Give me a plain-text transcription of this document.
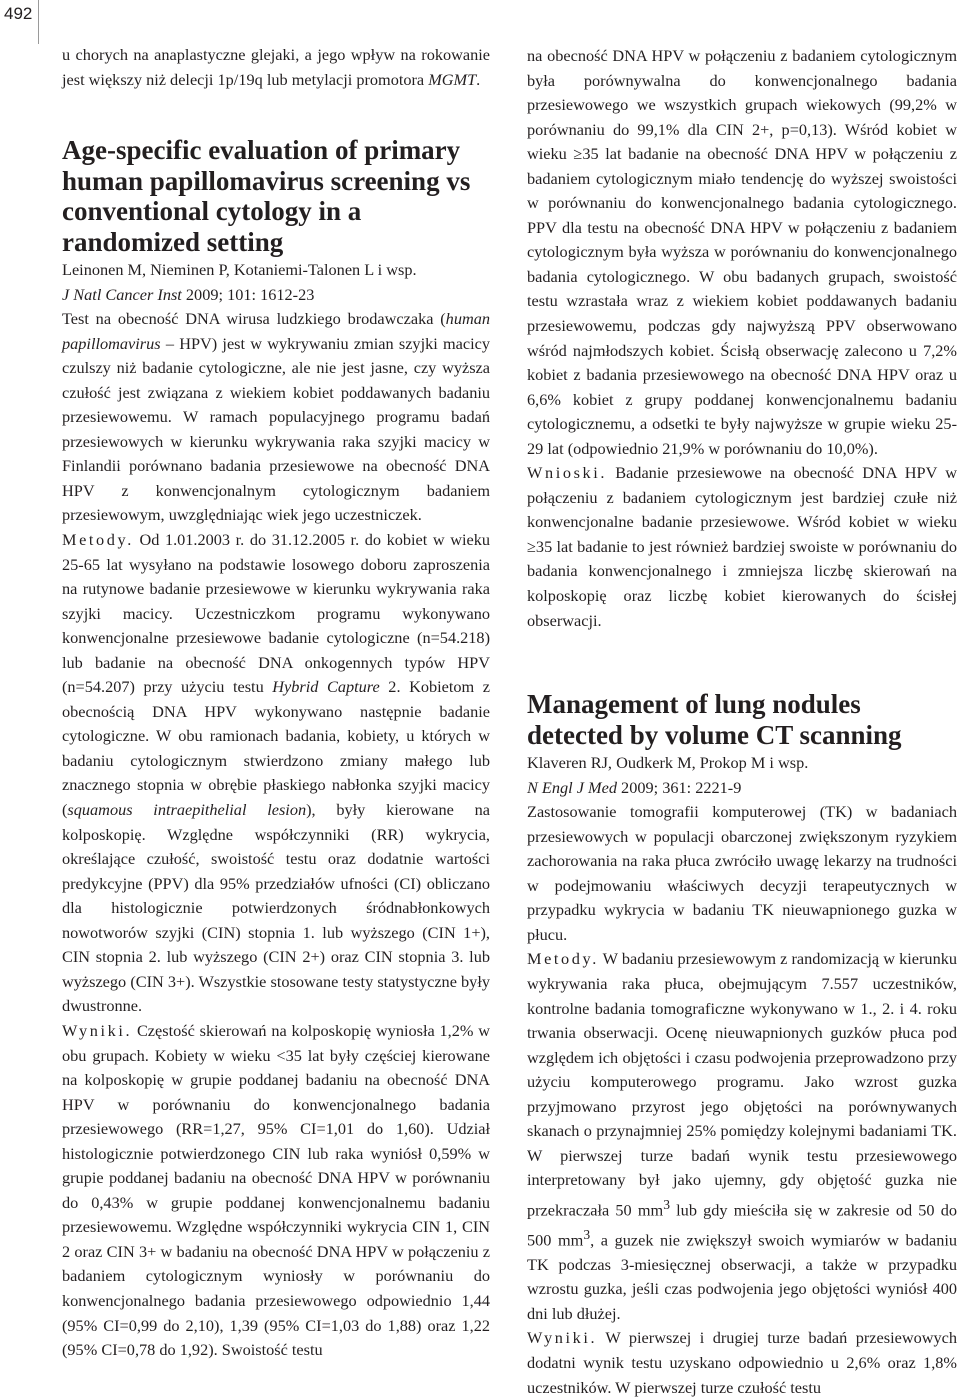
492

u chorych na anaplastyczne glejaki, a jego wpływ na rokowanie jest większy niż delecji 1p/19q lub metylacji promotora MGMT.

Age-specific evaluation of primary human papillomavirus screening vs conventional cytology in a randomized setting

Leinonen M, Nieminen P, Kotaniemi-Talonen L i wsp.

J Natl Cancer Inst 2009; 101: 1612-23

Test na obecność DNA wirusa ludzkiego brodawczaka (human papillomavirus – HPV) jest w wykrywaniu zmian szyjki macicy czulszy niż badanie cytologiczne, ale nie jest jasne, czy wyższa czułość jest związana z wiekiem kobiet poddawanych badaniu przesiewowemu. W ramach populacyjnego programu badań przesiewowych w kierunku wykrywania raka szyjki macicy w Finlandii porównano badania przesiewowe na obecność DNA HPV z konwencjonalnym cytologicznym badaniem przesiewowym, uwzględniając wiek jego uczestniczek.
Metody. Od 1.01.2003 r. do 31.12.2005 r. do kobiet w wieku 25-65 lat wysyłano na podstawie losowego doboru zaproszenia na rutynowe badanie przesiewowe w kierunku wykrywania raka szyjki macicy. Uczestniczkom programu wykonywano konwencjonalne przesiewowe badanie cytologiczne (n=54.218) lub badanie na obecność DNA onkogennych typów HPV (n=54.207) przy użyciu testu Hybrid Capture 2. Kobietom z obecnością DNA HPV wykonywano następnie badanie cytologiczne. W obu ramionach badania, kobiety, u których w badaniu cytologicznym stwierdzono zmiany małego lub znacznego stopnia w obrębie płaskiego nabłonka szyjki macicy (squamous intraepithelial lesion), były kierowane na kolposkopię. Względne współczynniki (RR) wykrycia, określające czułość, swoistość testu oraz dodatnie wartości predykcyjne (PPV) dla 95% przedziałów ufności (CI) obliczano dla histologicznie potwierdzonych śródnabłonkowych nowotworów szyjki (CIN) stopnia 1. lub wyższego (CIN 1+), CIN stopnia 2. lub wyższego (CIN 2+) oraz CIN stopnia 3. lub wyższego (CIN 3+). Wszystkie stosowane testy statystyczne były dwustronne.
Wyniki. Częstość skierowań na kolposkopię wyniosła 1,2% w obu grupach. Kobiety w wieku <35 lat były częściej kierowane na kolposkopię w grupie poddanej badaniu na obecność DNA HPV w porównaniu do konwencjonalnego badania przesiewowego (RR=1,27, 95% CI=1,01 do 1,60). Udział histologicznie potwierdzonego CIN lub raka wyniósł 0,59% w grupie poddanej badaniu na obecność DNA HPV w porównaniu do 0,43% w grupie poddanej konwencjonalnemu badaniu przesiewowemu. Względne współczynniki wykrycia CIN 1, CIN 2 oraz CIN 3+ w badaniu na obecność DNA HPV w połączeniu z badaniem cytologicznym wyniosły w porównaniu do konwencjonalnego badania przesiewowego odpowiednio 1,44 (95% CI=0,99 do 2,10), 1,39 (95% CI=1,03 do 1,88) oraz 1,22 (95% CI=0,78 do 1,92). Swoistość testu

na obecność DNA HPV w połączeniu z badaniem cytologicznym była porównywalna do konwencjonalnego badania przesiewowego we wszystkich grupach wiekowych (99,2% w porównaniu do 99,1% dla CIN 2+, p=0,13). Wśród kobiet w wieku ≥35 lat badanie na obecność DNA HPV w połączeniu z badaniem cytologicznym miało tendencję do wyższej swoistości w porównaniu do konwencjonalnego badania cytologicznego. PPV dla testu na obecność DNA HPV w połączeniu z badaniem cytologicznym była wyższa w porównaniu do konwencjonalnego badania cytologicznego. W obu badanych grupach, swoistość testu wzrastała wraz z wiekiem kobiet poddawanych badaniu przesiewowemu, podczas gdy najwyższą PPV obserwowano wśród najmłodszych kobiet. Ścisłą obserwację zalecono u 7,2% kobiet z badania przesiewowego na obecność DNA HPV oraz u 6,6% kobiet z grupy poddanej konwencjonalnemu badaniu cytologicznemu, a odsetki te były najwyższe w grupie wieku 25-29 lat (odpowiednio 21,9% w porównaniu do 10,0%).
Wnioski. Badanie przesiewowe na obecność DNA HPV w połączeniu z badaniem cytologicznym jest bardziej czułe niż konwencjonalne badanie przesiewowe. Wśród kobiet w wieku ≥35 lat badanie to jest również bardziej swoiste w porównaniu do badania konwencjonalnego i zmniejsza liczbę skierowań na kolposkopię oraz liczbę kobiet kierowanych do ścisłej obserwacji.

Management of lung nodules detected by volume CT scanning

Klaveren RJ, Oudkerk M, Prokop M i wsp.

N Engl J Med 2009; 361: 2221-9

Zastosowanie tomografii komputerowej (TK) w badaniach przesiewowych w populacji obarczonej zwiększonym ryzykiem zachorowania na raka płuca zwróciło uwagę lekarzy na trudności w podejmowaniu właściwych decyzji terapeutycznych w przypadku wykrycia w badaniu TK nieuwapnionego guzka w płucu.
Metody. W badaniu przesiewowym z randomizacją w kierunku wykrywania raka płuca, obejmującym 7.557 uczestników, kontrolne badania tomograficzne wykonywano w 1., 2. i 4. roku trwania obserwacji. Ocenę nieuwapnionych guzków płuca pod względem ich objętości i czasu podwojenia przeprowadzono przy użyciu komputerowego programu. Jako wzrost guzka przyjmowano przyrost jego objętości na porównywanych skanach o przynajmniej 25% pomiędzy kolejnymi badaniami TK. W pierwszej turze badań wynik testu przesiewowego interpretowany był jako ujemny, gdy objętość guzka nie przekraczała 50 $mm^3$ lub gdy mieściła się w zakresie od 50 do 500 $mm^3$, a guzek nie zwiększył swoich wymiarów w badaniu TK podczas 3-miesięcznej obserwacji, a także w przypadku wzrostu guzka, jeśli czas podwojenia jego objętości wyniósł 400 dni lub dłużej.
Wyniki. W pierwszej i drugiej turze badań przesiewowych dodatni wynik testu uzyskano odpowiednio u 2,6% oraz 1,8% uczestników. W pierwszej turze czułość testu
